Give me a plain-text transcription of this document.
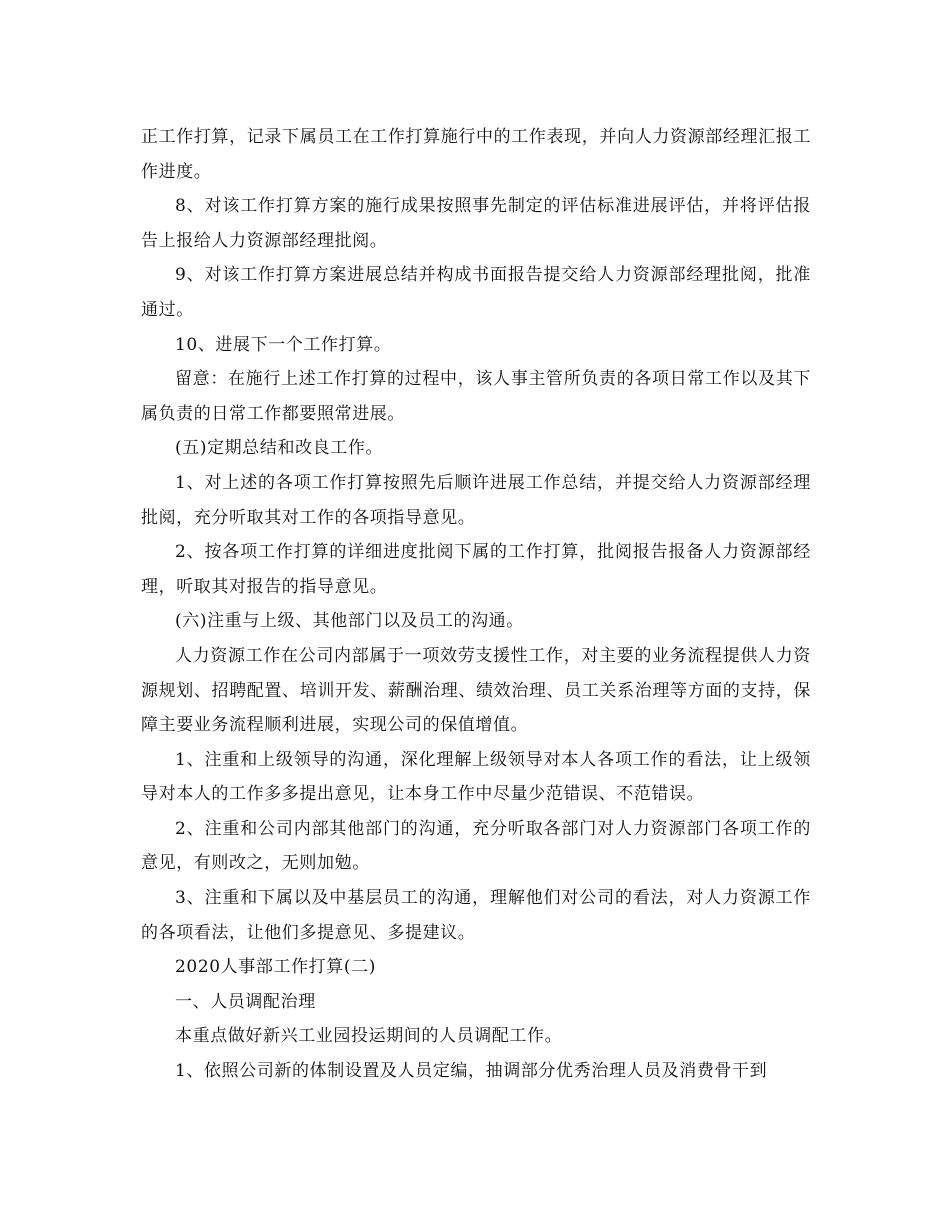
正工作打算，记录下属员工在工作打算施行中的工作表现，并向人力资源部经理汇报工作进度。

8、对该工作打算方案的施行成果按照事先制定的评估标准进展评估，并将评估报告上报给人力资源部经理批阅。

9、对该工作打算方案进展总结并构成书面报告提交给人力资源部经理批阅，批准通过。

10、进展下一个工作打算。

留意：在施行上述工作打算的过程中，该人事主管所负责的各项日常工作以及其下属负责的日常工作都要照常进展。

(五)定期总结和改良工作。

1、对上述的各项工作打算按照先后顺许进展工作总结，并提交给人力资源部经理批阅，充分听取其对工作的各项指导意见。

2、按各项工作打算的详细进度批阅下属的工作打算，批阅报告报备人力资源部经理，听取其对报告的指导意见。

(六)注重与上级、其他部门以及员工的沟通。

人力资源工作在公司内部属于一项效劳支援性工作，对主要的业务流程提供人力资源规划、招聘配置、培训开发、薪酬治理、绩效治理、员工关系治理等方面的支持，保障主要业务流程顺利进展，实现公司的保值增值。

1、注重和上级领导的沟通，深化理解上级领导对本人各项工作的看法，让上级领导对本人的工作多多提出意见，让本身工作中尽量少范错误、不范错误。

2、注重和公司内部其他部门的沟通，充分听取各部门对人力资源部门各项工作的意见，有则改之，无则加勉。

3、注重和下属以及中基层员工的沟通，理解他们对公司的看法，对人力资源工作的各项看法，让他们多提意见、多提建议。

2020人事部工作打算(二)

一、人员调配治理

本重点做好新兴工业园投运期间的人员调配工作。

1、依照公司新的体制设置及人员定编，抽调部分优秀治理人员及消费骨干到
